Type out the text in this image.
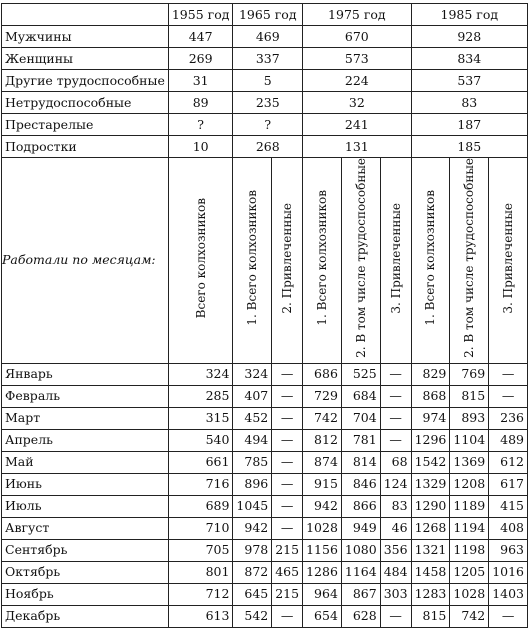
	1955 год	1965 год		1975 год			1985 год		
Мужчины	447	469		670			928		
Женщины	269	337		573			834		
Другие трудоспособные	31	5		224			537		
Нетрудоспособные	89	235		32			83		
Престарелые	?	?		241			187		
Подростки	10	268		131			185		
Работали по месяцам:	Всего колхозников	1. Всего колхозников	2. Привлеченные	1. Всего колхозников	2. В том числе трудоспособные	3. Привлеченные	1. Всего колхозников	2. В том числе трудоспособные	3. Привлеченные
Январь	324	324	—	686	525	—	829	769	—
Февраль	285	407	—	729	684	—	868	815	—
Март	315	452	—	742	704	—	974	893	236
Апрель	540	494	—	812	781	—	1296	1104	489
Май	661	785	—	874	814	68	1542	1369	612
Июнь	716	896	—	915	846	124	1329	1208	617
Июль	689	1045	—	942	866	83	1290	1189	415
Август	710	942	—	1028	949	46	1268	1194	408
Сентябрь	705	978	215	1156	1080	356	1321	1198	963
Октябрь	801	872	465	1286	1164	484	1458	1205	1016
Ноябрь	712	645	215	964	867	303	1283	1028	1403
Декабрь	613	542	—	654	628	—	815	742	—
